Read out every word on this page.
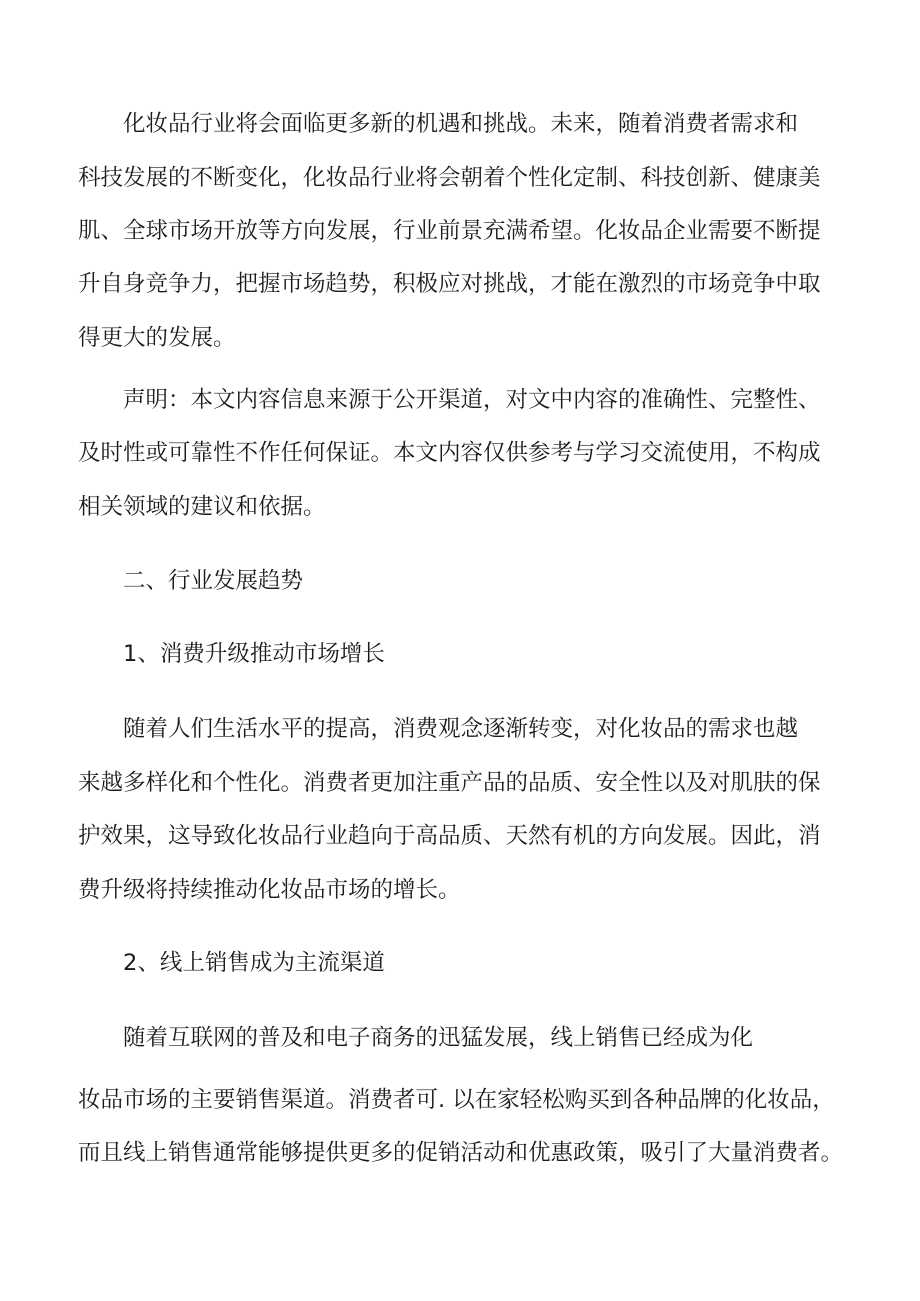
化妆品行业将会面临更多新的机遇和挑战。未来，随着消费者需求和
科技发展的不断变化，化妆品行业将会朝着个性化定制、科技创新、健康美
肌、全球市场开放等方向发展，行业前景充满希望。化妆品企业需要不断提
升自身竞争力，把握市场趋势，积极应对挑战，才能在激烈的市场竞争中取
得更大的发展。
声明：本文内容信息来源于公开渠道，对文中内容的准确性、完整性、
及时性或可靠性不作任何保证。本文内容仅供参考与学习交流使用，不构成
相关领域的建议和依据。
二、行业发展趋势
1、消费升级推动市场增长
随着人们生活水平的提高，消费观念逐渐转变，对化妆品的需求也越
来越多样化和个性化。消费者更加注重产品的品质、安全性以及对肌肤的保
护效果，这导致化妆品行业趋向于高品质、天然有机的方向发展。因此，消
费升级将持续推动化妆品市场的增长。
2、线上销售成为主流渠道
随着互联网的普及和电子商务的迅猛发展，线上销售已经成为化
妆品市场的主要销售渠道。消费者可. 以在家轻松购买到各种品牌的化妆品，
而且线上销售通常能够提供更多的促销活动和优惠政策，吸引了大量消费者。
